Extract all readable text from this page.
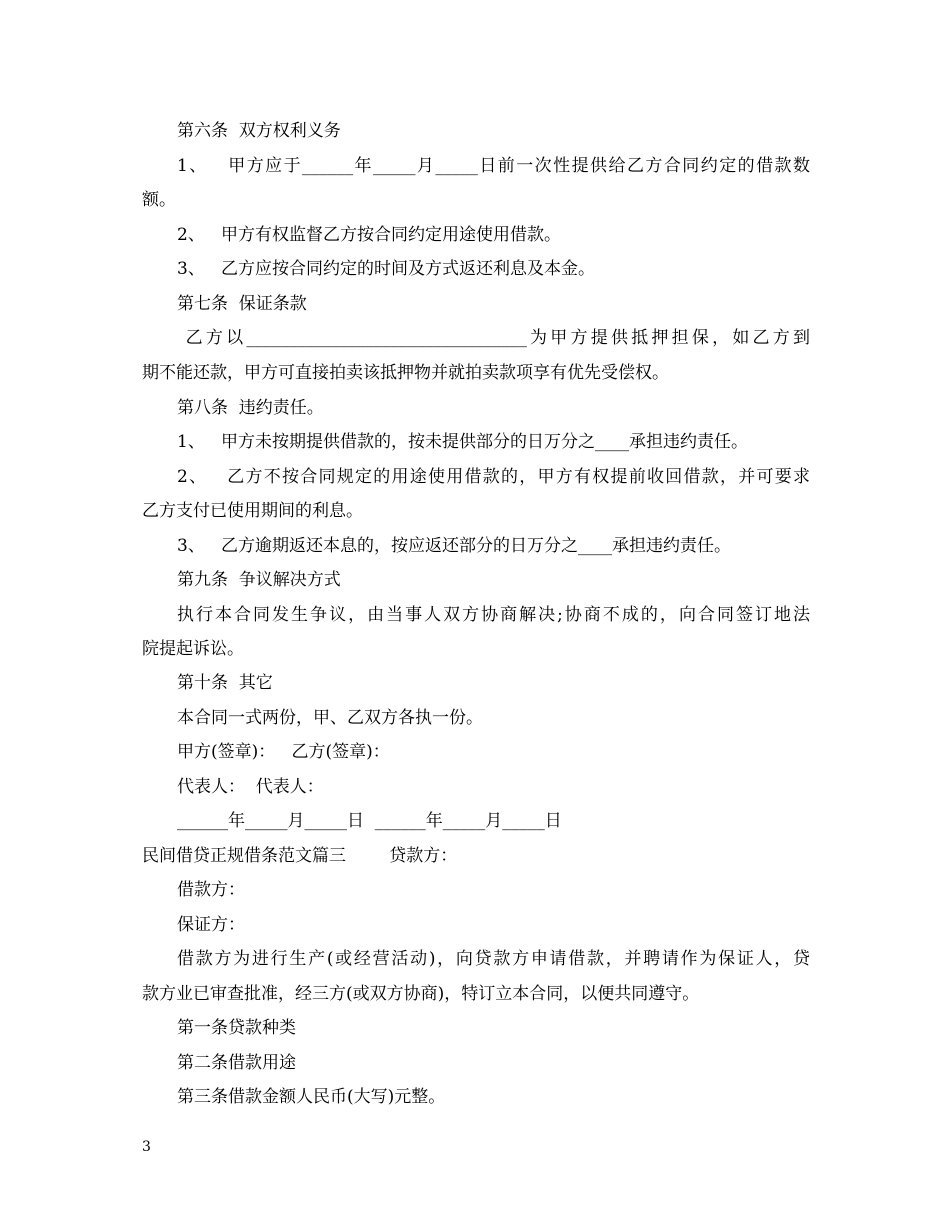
第六条  双方权利义务

1、   甲方应于______年_____月_____日前一次性提供给乙方合同约定的借款数

额。

2、   甲方有权监督乙方按合同约定用途使用借款。

3、   乙方应按合同约定的时间及方式返还利息及本金。

第七条  保证条款

乙方以_________________________________为甲方提供抵押担保，如乙方到

期不能还款，甲方可直接拍卖该抵押物并就拍卖款项享有优先受偿权。

第八条  违约责任。

1、   甲方未按期提供借款的，按未提供部分的日万分之____承担违约责任。

2、   乙方不按合同规定的用途使用借款的，甲方有权提前收回借款，并可要求

乙方支付已使用期间的利息。

3、   乙方逾期返还本息的，按应返还部分的日万分之____承担违约责任。

第九条  争议解决方式

执行本合同发生争议，由当事人双方协商解决;协商不成的，向合同签订地法

院提起诉讼。

第十条  其它

本合同一式两份，甲、乙双方各执一份。

甲方(签章)：   乙方(签章)：

代表人：  代表人：

______年_____月_____日  ______年_____月_____日

民间借贷正规借条范文篇三        贷款方：

借款方：

保证方：

借款方为进行生产(或经营活动)，向贷款方申请借款，并聘请作为保证人，贷

款方业已审查批准，经三方(或双方协商)，特订立本合同，以便共同遵守。

第一条贷款种类

第二条借款用途

第三条借款金额人民币(大写)元整。

3
